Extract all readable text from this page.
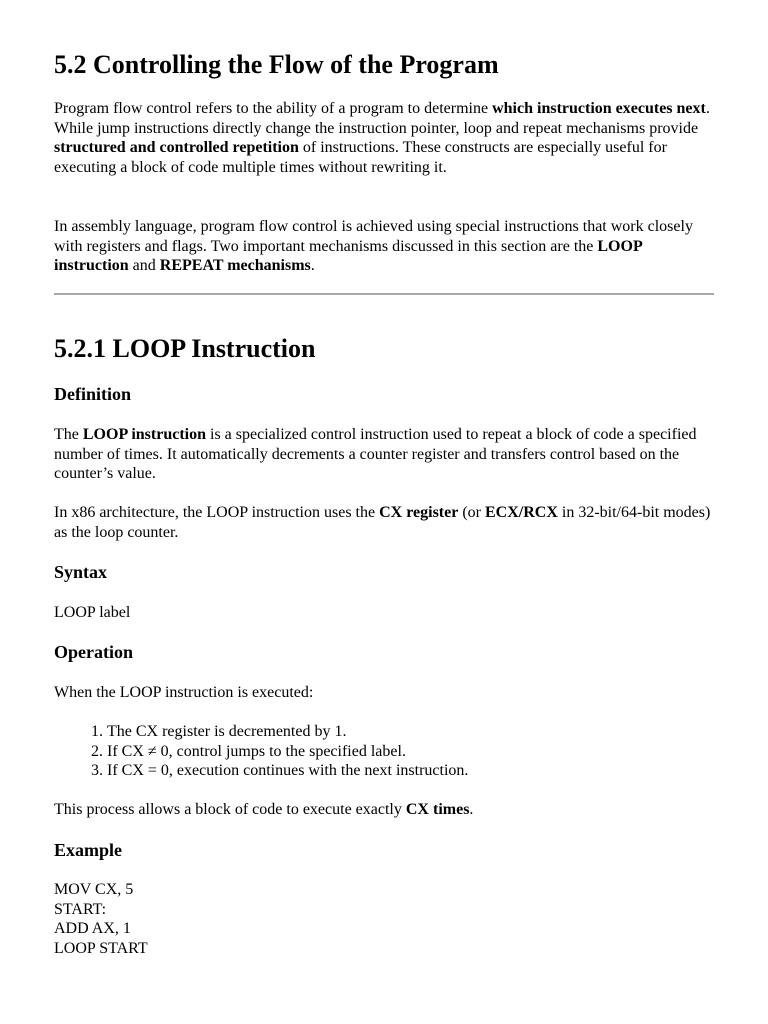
5.2 Controlling the Flow of the Program

Program flow control refers to the ability of a program to determine which instruction executes next. While jump instructions directly change the instruction pointer, loop and repeat mechanisms provide structured and controlled repetition of instructions. These constructs are especially useful for executing a block of code multiple times without rewriting it.

In assembly language, program flow control is achieved using special instructions that work closely with registers and flags. Two important mechanisms discussed in this section are the LOOP instruction and REPEAT mechanisms.

5.2.1 LOOP Instruction
Definition

The LOOP instruction is a specialized control instruction used to repeat a block of code a specified number of times. It automatically decrements a counter register and transfers control based on the counter’s value.

In x86 architecture, the LOOP instruction uses the CX register (or ECX/RCX in 32-bit/64-bit modes) as the loop counter.

Syntax

LOOP label

Operation

When the LOOP instruction is executed:

1. The CX register is decremented by 1.
2. If CX ≠ 0, control jumps to the specified label.
3. If CX = 0, execution continues with the next instruction.

This process allows a block of code to execute exactly CX times.

Example
MOV CX, 5
START:
ADD AX, 1
LOOP START
